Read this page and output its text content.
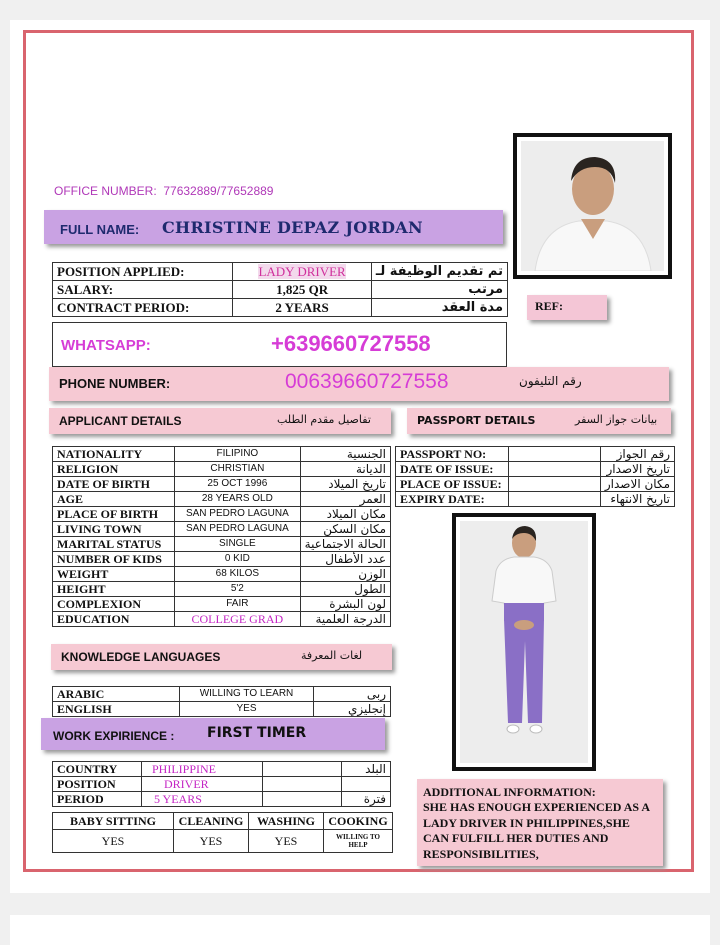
OFFICE NUMBER: 77632889/77652889
FULL NAME: CHRISTINE DEPAZ JORDAN
POSITION APPLIED:	LADY DRIVER	تم تقديم الوظيفة لـ
SALARY:	1,825 QR	مرتب
CONTRACT PERIOD:	2 YEARS	مدة العقد	REF:
WHATSAPP:	+639660727558
PHONE NUMBER:	00639660727558	رقم التليفون
APPLICANT DETAILS	تفاصيل مقدم الطلب	PASSPORT DETAILS	بيانات جواز السفر
NATIONALITY	FILIPINO	الجنسية
RELIGION	CHRISTIAN	الديانة
DATE OF BIRTH	25 OCT 1996	تاريخ الميلاد
AGE	28 YEARS OLD	العمر
PLACE OF BIRTH	SAN PEDRO LAGUNA	مكان الميلاد
LIVING TOWN	SAN PEDRO LAGUNA	مكان السكن
MARITAL STATUS	SINGLE	الحالة الاجتماعية
NUMBER OF KIDS	0 KID	عدد الأطفال
WEIGHT	68 KILOS	الوزن
HEIGHT	5'2	الطول
COMPLEXION	FAIR	لون البشرة
EDUCATION	COLLEGE GRAD	الدرجة العلمية
PASSPORT NO:		رقم الجواز
DATE OF ISSUE:		تاريخ الاصدار
PLACE OF ISSUE:		مكان الاصدار
EXPIRY DATE:		تاريخ الانتهاء
KNOWLEDGE LANGUAGES	لغات المعرفة
ARABIC	WILLING TO LEARN	ربى
ENGLISH	YES	إنجليزي
WORK EXPIRIENCE : FIRST TIMER
COUNTRY	PHILIPPINE		البلد
POSITION	DRIVER		
PERIOD	5 YEARS		فترة
BABY SITTING	CLEANING	WASHING	COOKING
YES	YES	YES	WILLING TO HELP
ADDITIONAL INFORMATION:
SHE HAS ENOUGH EXPERIENCED AS A LADY DRIVER IN PHILIPPINES,SHE CAN FULFILL HER DUTIES AND RESPONSIBILITIES,
